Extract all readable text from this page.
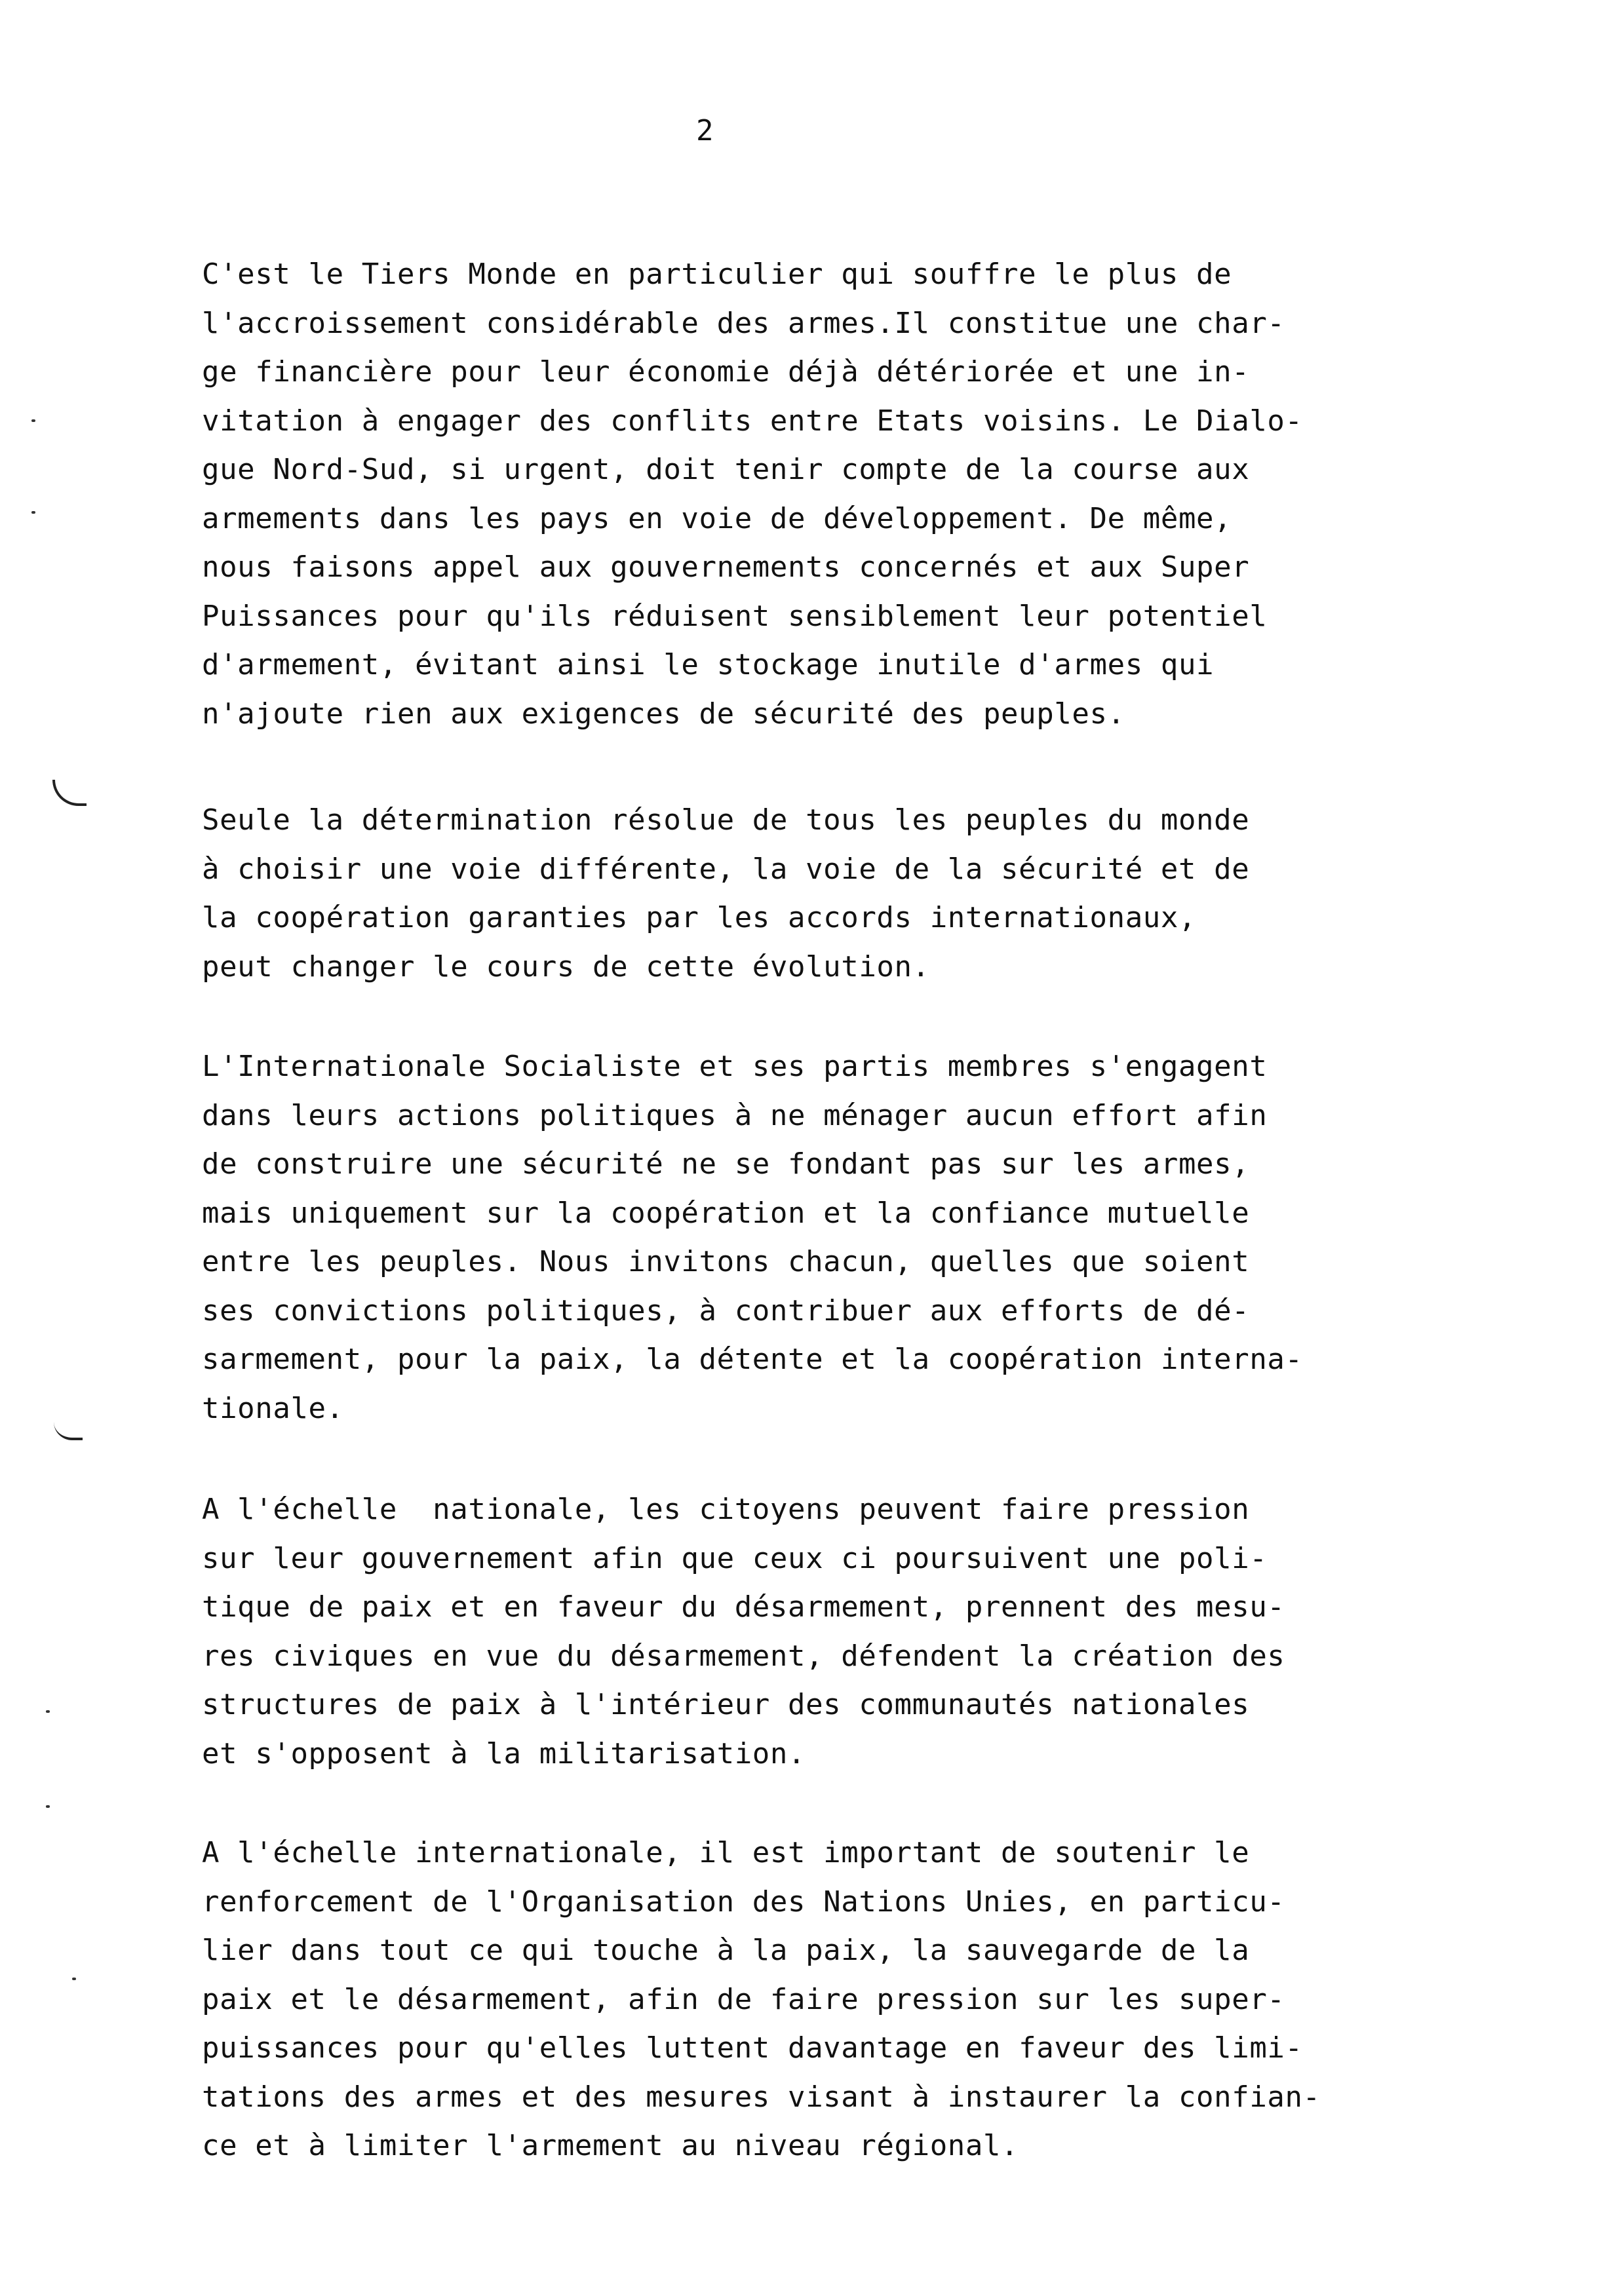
2
C'est le Tiers Monde en particulier qui souffre le plus de
l'accroissement considérable des armes.Il constitue une char-
ge financière pour leur économie déjà détériorée et une in-
vitation à engager des conflits entre Etats voisins. Le Dialo-
gue Nord-Sud, si urgent, doit tenir compte de la course aux
armements dans les pays en voie de développement. De même,
nous faisons appel aux gouvernements concernés et aux Super
Puissances pour qu'ils réduisent sensiblement leur potentiel
d'armement, évitant ainsi le stockage inutile d'armes qui
n'ajoute rien aux exigences de sécurité des peuples.
Seule la détermination résolue de tous les peuples du monde
à choisir une voie différente, la voie de la sécurité et de
la coopération garanties par les accords internationaux,
peut changer le cours de cette évolution.
L'Internationale Socialiste et ses partis membres s'engagent
dans leurs actions politiques à ne ménager aucun effort afin
de construire une sécurité ne se fondant pas sur les armes,
mais uniquement sur la coopération et la confiance mutuelle
entre les peuples. Nous invitons chacun, quelles que soient
ses convictions politiques, à contribuer aux efforts de dé-
sarmement, pour la paix, la détente et la coopération interna-
tionale.
A l'échelle  nationale, les citoyens peuvent faire pression
sur leur gouvernement afin que ceux ci poursuivent une poli-
tique de paix et en faveur du désarmement, prennent des mesu-
res civiques en vue du désarmement, défendent la création des
structures de paix à l'intérieur des communautés nationales
et s'opposent à la militarisation.
A l'échelle internationale, il est important de soutenir le
renforcement de l'Organisation des Nations Unies, en particu-
lier dans tout ce qui touche à la paix, la sauvegarde de la
paix et le désarmement, afin de faire pression sur les super-
puissances pour qu'elles luttent davantage en faveur des limi-
tations des armes et des mesures visant à instaurer la confian-
ce et à limiter l'armement au niveau régional.
